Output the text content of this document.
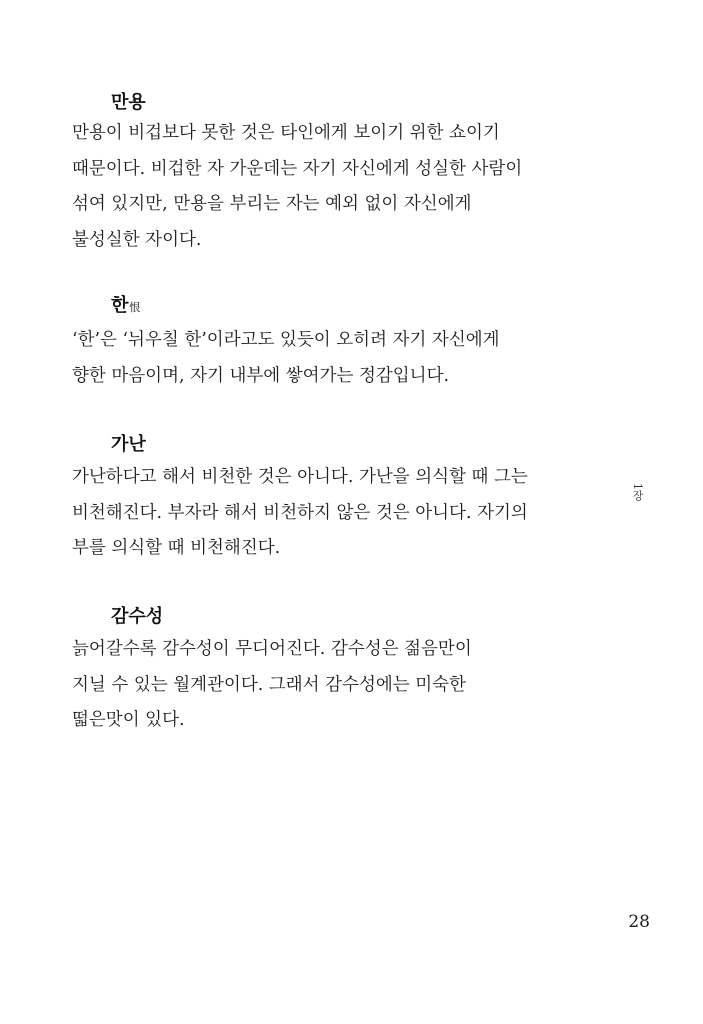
만용
만용이 비겁보다 못한 것은 타인에게 보이기 위한 쇼이기
때문이다. 비겁한 자 가운데는 자기 자신에게 성실한 사람이
섞여 있지만, 만용을 부리는 자는 예외 없이 자신에게
불성실한 자이다.
한恨
‘한’은 ‘뉘우칠 한’이라고도 있듯이 오히려 자기 자신에게
향한 마음이며, 자기 내부에 쌓여가는 정감입니다.
가난
가난하다고 해서 비천한 것은 아니다. 가난을 의식할 때 그는
비천해진다. 부자라 해서 비천하지 않은 것은 아니다. 자기의
부를 의식할 때 비천해진다.
감수성
늙어갈수록 감수성이 무디어진다. 감수성은 젊음만이
지닐 수 있는 월계관이다. 그래서 감수성에는 미숙한
떫은맛이 있다.
1장
28
